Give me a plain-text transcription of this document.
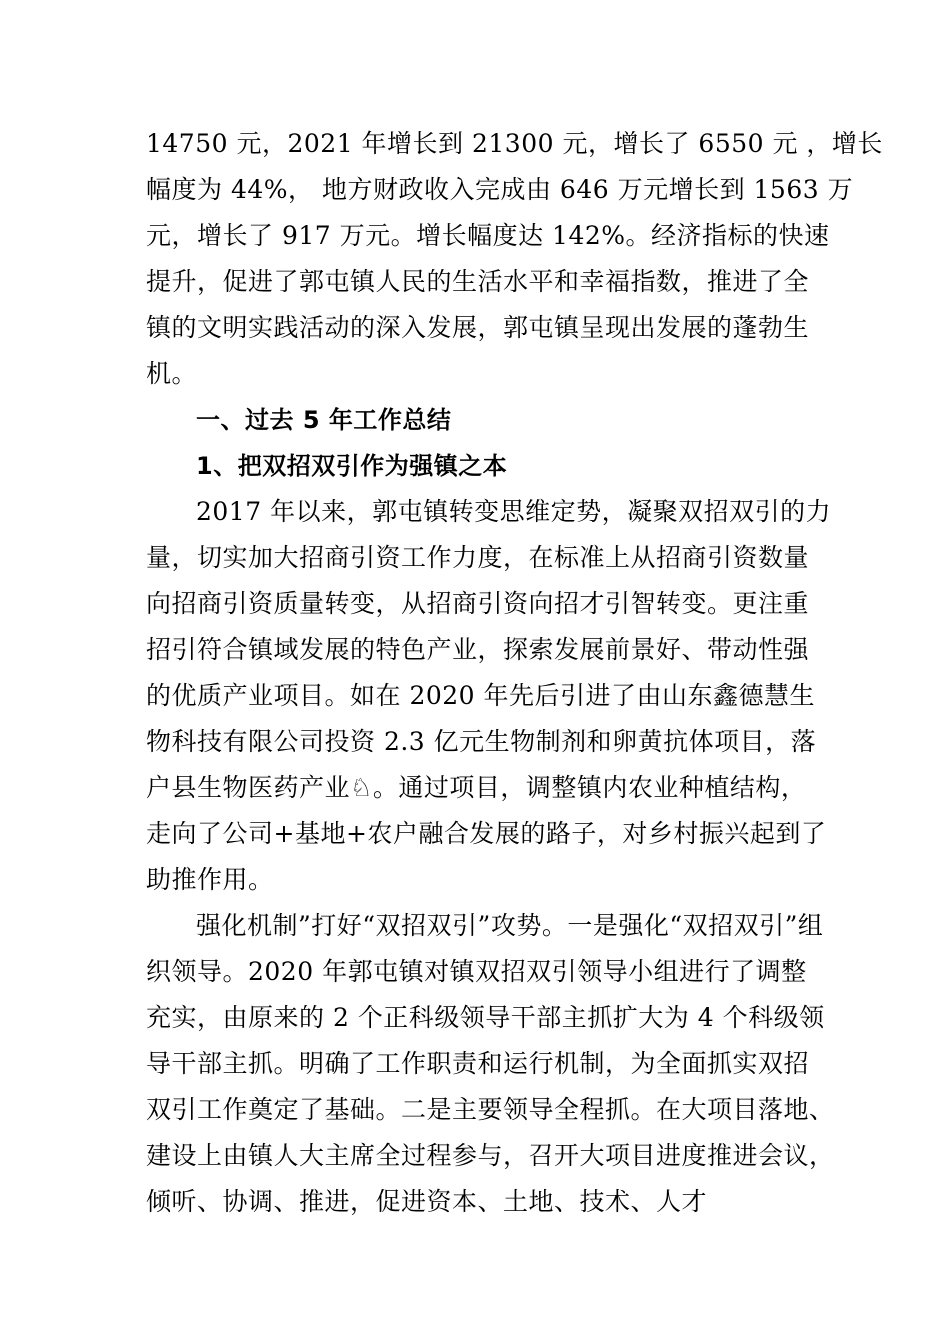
14750 元，2021 年增长到 21300 元，增长了 6550 元 ，增长
幅度为 44%， 地方财政收入完成由 646 万元增长到 1563 万
元，增长了 917 万元。增长幅度达 142%。经济指标的快速
提升，促进了郭屯镇人民的生活水平和幸福指数，推进了全
镇的文明实践活动的深入发展，郭屯镇呈现出发展的蓬勃生
机。
一、过去 5 年工作总结
1、把双招双引作为强镇之本
2017 年以来，郭屯镇转变思维定势，凝聚双招双引的力
量，切实加大招商引资工作力度，在标准上从招商引资数量
向招商引资质量转变，从招商引资向招才引智转变。更注重
招引符合镇域发展的特色产业，探索发展前景好、带动性强
的优质产业项目。如在 2020 年先后引进了由山东鑫德慧生
物科技有限公司投资 2.3 亿元生物制剂和卵黄抗体项目，落
户县生物医药产业♘。通过项目，调整镇内农业种植结构，
走向了公司+基地+农户融合发展的路子，对乡村振兴起到了
助推作用。
强化机制”打好“双招双引”攻势。一是强化“双招双引”组
织领导。2020 年郭屯镇对镇双招双引领导小组进行了调整
充实，由原来的 2 个正科级领导干部主抓扩大为 4 个科级领
导干部主抓。明确了工作职责和运行机制，为全面抓实双招
双引工作奠定了基础。二是主要领导全程抓。在大项目落地、
建设上由镇人大主席全过程参与，召开大项目进度推进会议，
倾听、协调、推进，促进资本、土地、技术、人才
